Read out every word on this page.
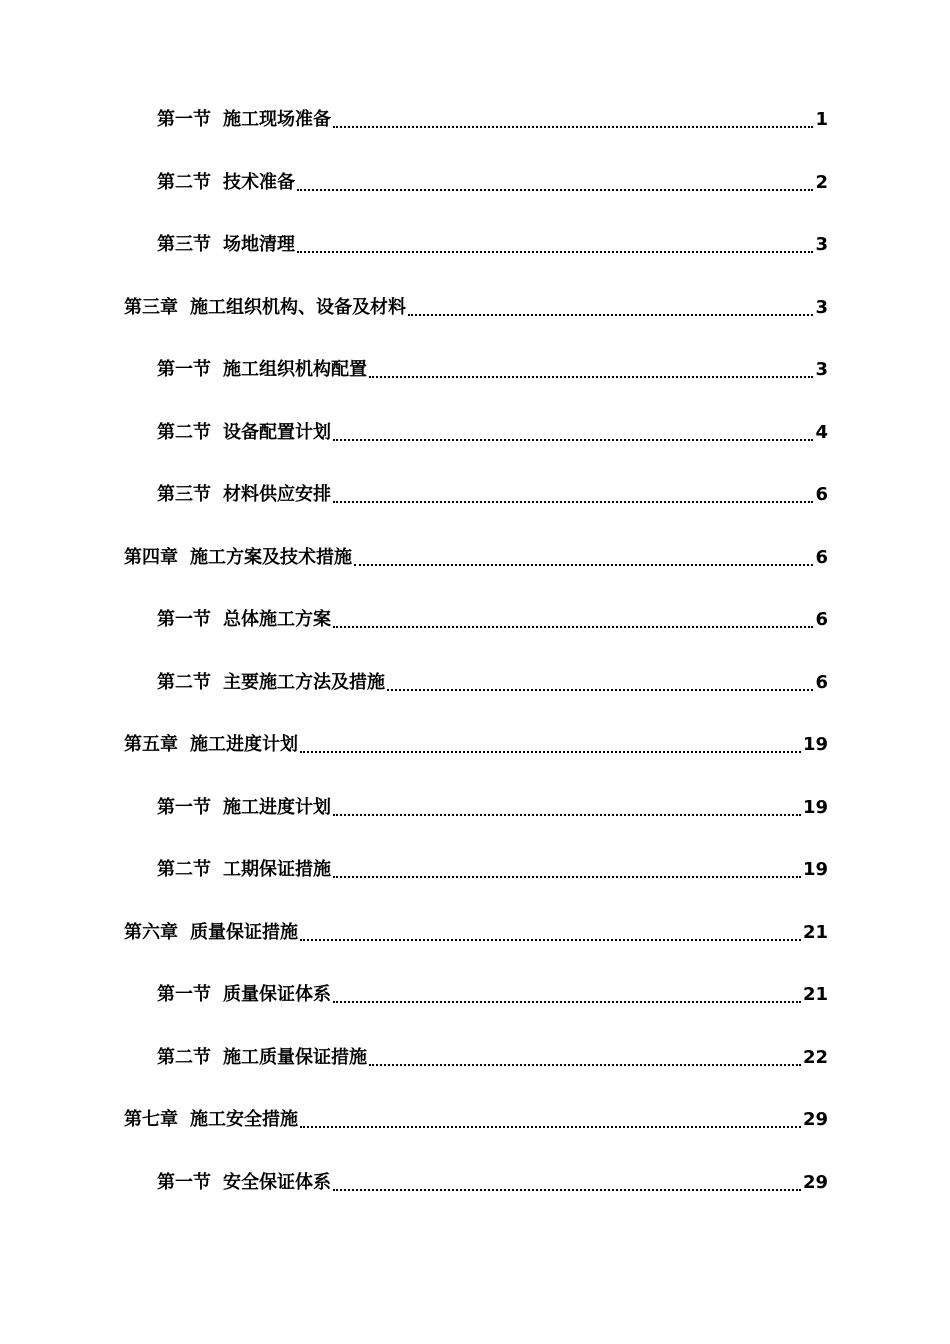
第一节 施工现场准备	1
第二节 技术准备	2
第三节 场地清理	3
第三章 施工组织机构、设备及材料	3
第一节 施工组织机构配置	3
第二节 设备配置计划	4
第三节 材料供应安排	6
第四章 施工方案及技术措施	6
第一节 总体施工方案	6
第二节 主要施工方法及措施	6
第五章 施工进度计划	19
第一节 施工进度计划	19
第二节 工期保证措施	19
第六章 质量保证措施	21
第一节 质量保证体系	21
第二节 施工质量保证措施	22
第七章 施工安全措施	29
第一节 安全保证体系	29
